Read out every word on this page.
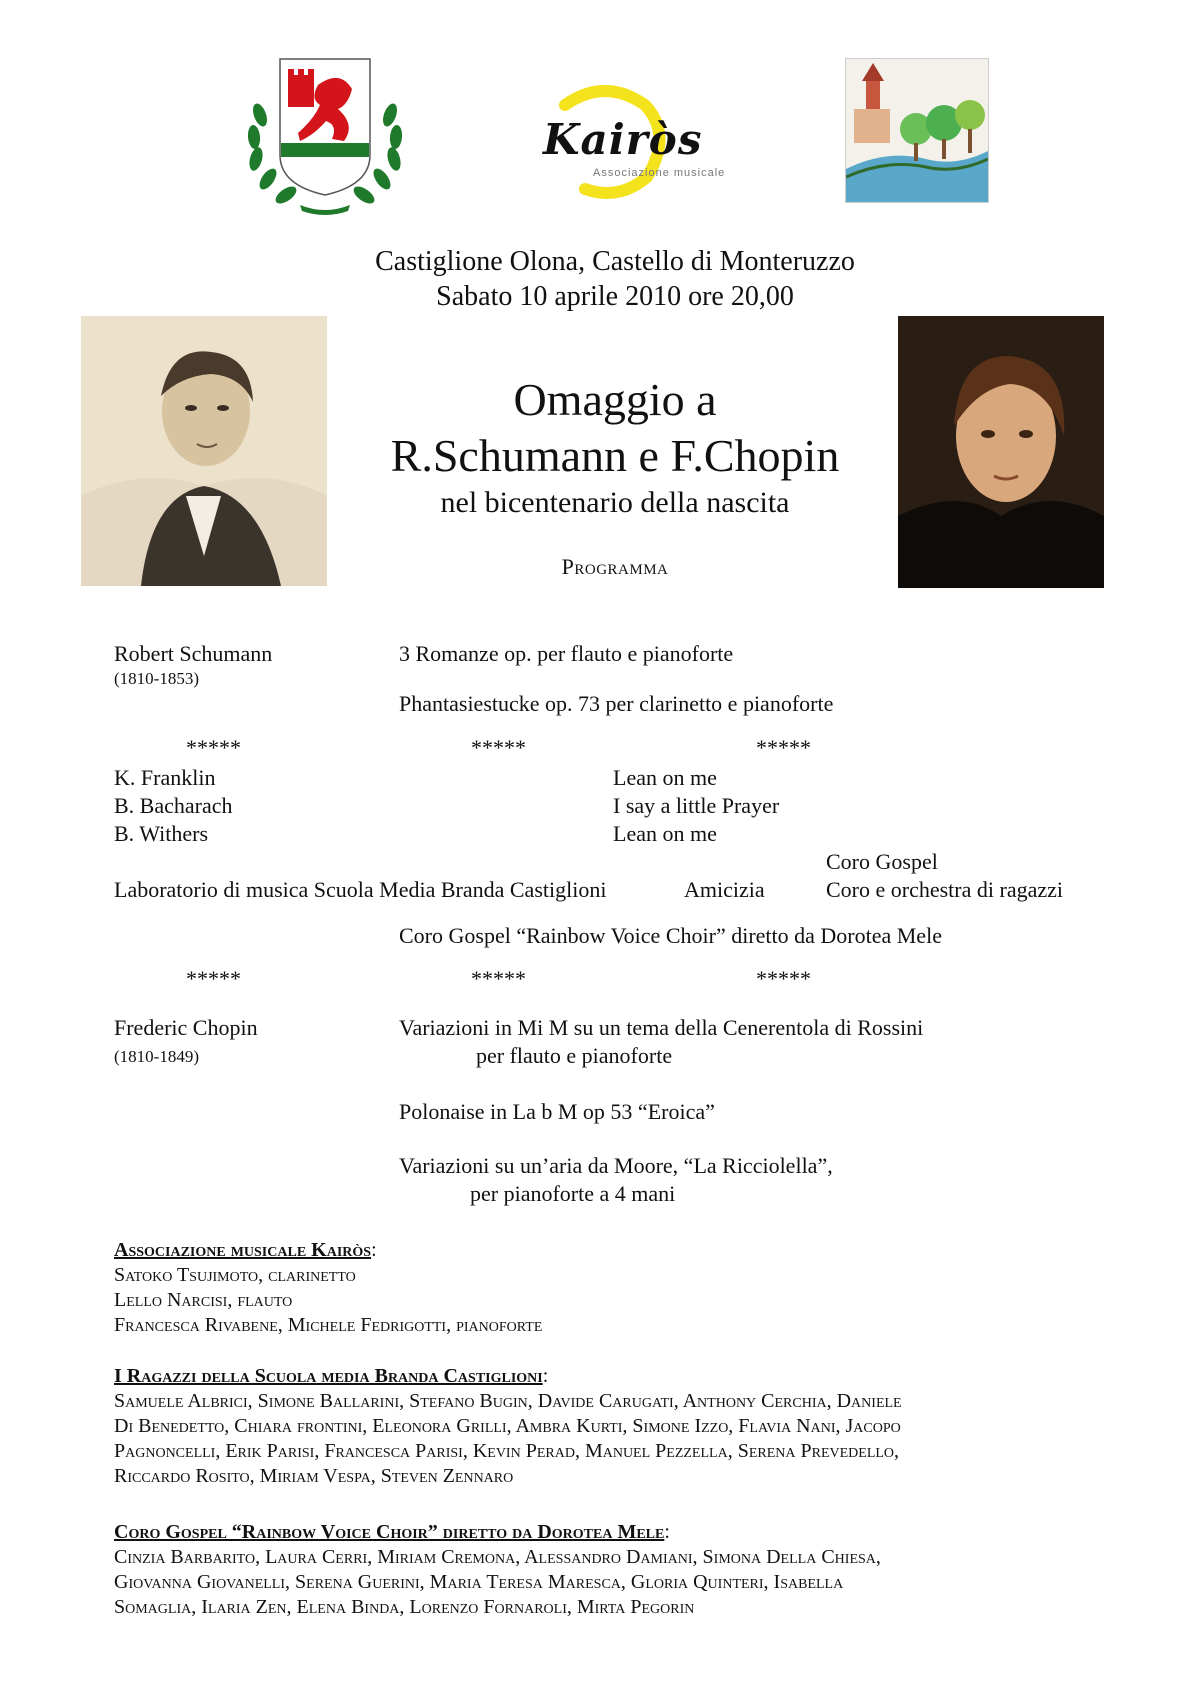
Kairòs
Associazione musicale
Castiglione Olona, Castello di Monteruzzo
Sabato 10 aprile 2010 ore 20,00
Omaggio a
R.Schumann e F.Chopin
nel bicentenario della nascita
Programma
Robert Schumann
(1810-1853)
3 Romanze op. per flauto e pianoforte
Phantasiestucke op. 73 per clarinetto e pianoforte
*****	*****	*****
K. Franklin	Lean on me
B. Bacharach	I say a little Prayer
B. Withers	Lean on me
Coro Gospel
Laboratorio di musica Scuola Media Branda Castiglioni	Amicizia	Coro e orchestra di ragazzi
Coro Gospel “Rainbow Voice Choir” diretto da Dorotea Mele
*****	*****	*****
Frederic Chopin
(1810-1849)
Variazioni in Mi M su un tema della Cenerentola di Rossini
per flauto e pianoforte
Polonaise in La b M op 53 “Eroica”
Variazioni su un’aria da Moore, “La Ricciolella”,
per pianoforte a 4 mani
Associazione musicale Kairòs:
Satoko Tsujimoto, clarinetto
Lello Narcisi, flauto
Francesca Rivabene, Michele Fedrigotti, pianoforte
I Ragazzi della Scuola media Branda Castiglioni:
Samuele Albrici, Simone Ballarini, Stefano Bugin, Davide Carugati, Anthony Cerchia, Daniele
Di Benedetto, Chiara frontini, Eleonora Grilli, Ambra Kurti, Simone Izzo, Flavia Nani, Jacopo
Pagnoncelli, Erik Parisi, Francesca Parisi, Kevin Perad, Manuel Pezzella, Serena Prevedello,
Riccardo Rosito, Miriam Vespa, Steven Zennaro
Coro Gospel “Rainbow Voice Choir” diretto da Dorotea Mele:
Cinzia Barbarito, Laura Cerri, Miriam Cremona, Alessandro Damiani, Simona Della Chiesa,
Giovanna Giovanelli, Serena Guerini, Maria Teresa Maresca, Gloria Quinteri, Isabella
Somaglia, Ilaria Zen, Elena Binda, Lorenzo Fornaroli, Mirta Pegorin
